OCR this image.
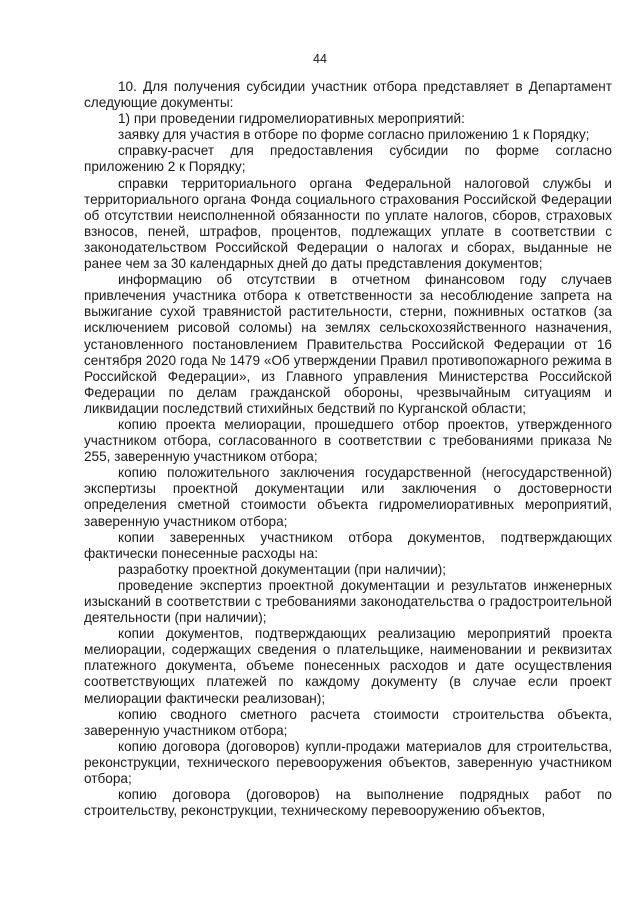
44

10. Для получения субсидии участник отбора представляет в Департамент следующие документы:

1) при проведении гидромелиоративных мероприятий:

заявку для участия в отборе по форме согласно приложению 1 к Порядку;

справку-расчет для предоставления субсидии по форме согласно приложению 2 к Порядку;

справки территориального органа Федеральной налоговой службы и территориального органа Фонда социального страхования Российской Федерации об отсутствии неисполненной обязанности по уплате налогов, сборов, страховых взносов, пеней, штрафов, процентов, подлежащих уплате в соответствии с законодательством Российской Федерации о налогах и сборах, выданные не ранее чем за 30 календарных дней до даты представления документов;

информацию об отсутствии в отчетном финансовом году случаев привлечения участника отбора к ответственности за несоблюдение запрета на выжигание сухой травянистой растительности, стерни, пожнивных остатков (за исключением рисовой соломы) на землях сельскохозяйственного назначения, установленного постановлением Правительства Российской Федерации от 16 сентября 2020 года № 1479 «Об утверждении Правил противопожарного режима в Российской Федерации», из Главного управления Министерства Российской Федерации по делам гражданской обороны, чрезвычайным ситуациям и ликвидации последствий стихийных бедствий по Курганской области;

копию проекта мелиорации, прошедшего отбор проектов, утвержденного участником отбора, согласованного в соответствии с требованиями приказа № 255, заверенную участником отбора;

копию положительного заключения государственной (негосударственной) экспертизы проектной документации или заключения о достоверности определения сметной стоимости объекта гидромелиоративных мероприятий, заверенную участником отбора;

копии заверенных участником отбора документов, подтверждающих фактически понесенные расходы на:

разработку проектной документации (при наличии);

проведение экспертиз проектной документации и результатов инженерных изысканий в соответствии с требованиями законодательства о градостроительной деятельности (при наличии);

копии документов, подтверждающих реализацию мероприятий проекта мелиорации, содержащих сведения о плательщике, наименовании и реквизитах платежного документа, объеме понесенных расходов и дате осуществления соответствующих платежей по каждому документу (в случае если проект мелиорации фактически реализован);

копию сводного сметного расчета стоимости строительства объекта, заверенную участником отбора;

копию договора (договоров) купли-продажи материалов для строительства, реконструкции, технического перевооружения объектов, заверенную участником отбора;

копию договора (договоров) на выполнение подрядных работ по строительству, реконструкции, техническому перевооружению объектов,
